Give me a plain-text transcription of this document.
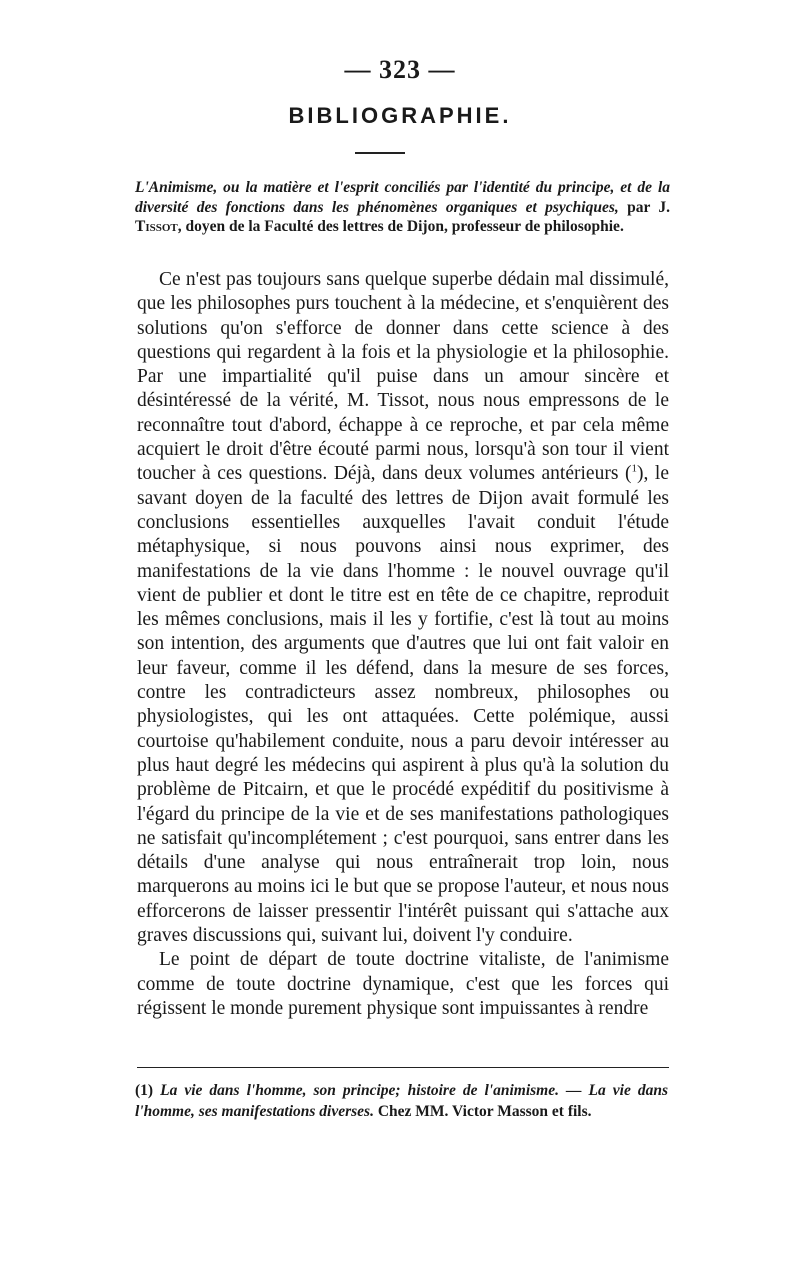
— 323 —
BIBLIOGRAPHIE.
L'Animisme, ou la matière et l'esprit conciliés par l'identité du principe, et de la diversité des fonctions dans les phénomènes organiques et psychiques, par J. Tissot, doyen de la Faculté des lettres de Dijon, professeur de philosophie.

Ce n'est pas toujours sans quelque superbe dédain mal dissimulé, que les philosophes purs touchent à la médecine, et s'enquièrent des solutions qu'on s'efforce de donner dans cette science à des questions qui regardent à la fois et la physiologie et la philosophie. Par une impartialité qu'il puise dans un amour sincère et désintéressé de la vérité, M. Tissot, nous nous empressons de le reconnaître tout d'abord, échappe à ce reproche, et par cela même acquiert le droit d'être écouté parmi nous, lorsqu'à son tour il vient toucher à ces questions. Déjà, dans deux volumes antérieurs ($^1$), le savant doyen de la faculté des lettres de Dijon avait formulé les conclusions essentielles auxquelles l'avait conduit l'étude métaphysique, si nous pouvons ainsi nous exprimer, des manifestations de la vie dans l'homme : le nouvel ouvrage qu'il vient de publier et dont le titre est en tête de ce chapitre, reproduit les mêmes conclusions, mais il les y fortifie, c'est là tout au moins son intention, des arguments que d'autres que lui ont fait valoir en leur faveur, comme il les défend, dans la mesure de ses forces, contre les contradicteurs assez nombreux, philosophes ou physiologistes, qui les ont attaquées. Cette polémique, aussi courtoise qu'habilement conduite, nous a paru devoir intéresser au plus haut degré les médecins qui aspirent à plus qu'à la solution du problème de Pitcairn, et que le procédé expéditif du positivisme à l'égard du principe de la vie et de ses manifestations pathologiques ne satisfait qu'incomplétement ; c'est pourquoi, sans entrer dans les détails d'une analyse qui nous entraînerait trop loin, nous marquerons au moins ici le but que se propose l'auteur, et nous nous efforcerons de laisser pressentir l'intérêt puissant qui s'attache aux graves discussions qui, suivant lui, doivent l'y conduire.

Le point de départ de toute doctrine vitaliste, de l'animisme comme de toute doctrine dynamique, c'est que les forces qui régissent le monde purement physique sont impuissantes à rendre

(1) La vie dans l'homme, son principe; histoire de l'animisme. — La vie dans l'homme, ses manifestations diverses. Chez MM. Victor Masson et fils.
